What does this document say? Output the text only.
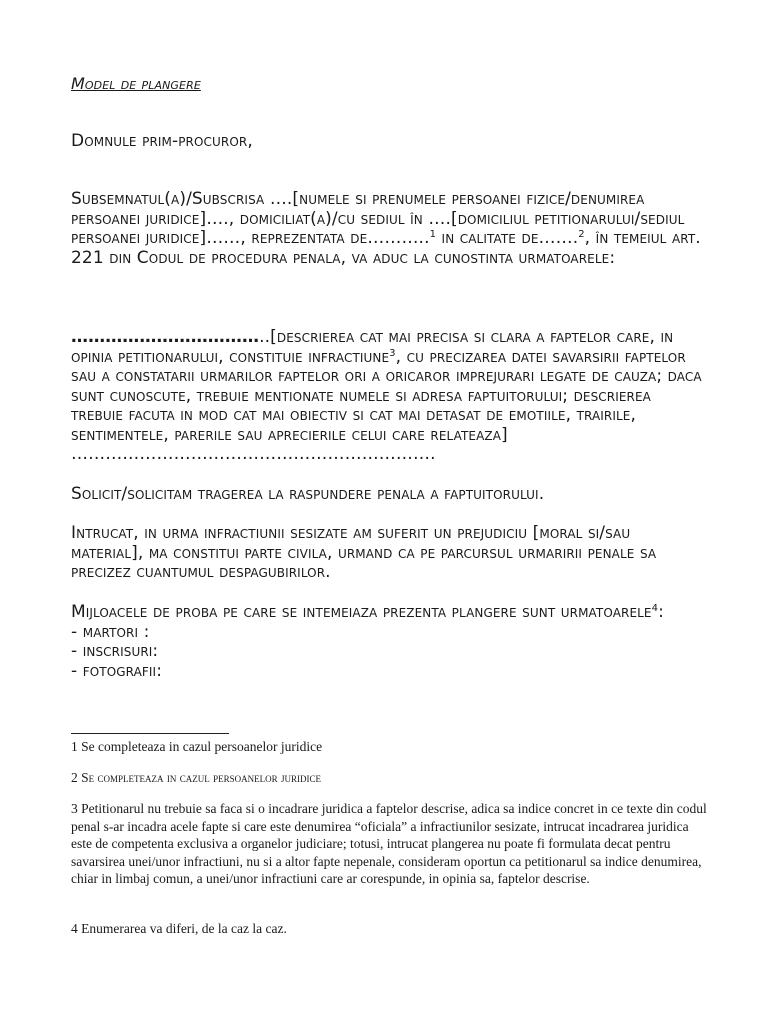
Model de plangere

Domnule prim-procuror,

Subsemnatul(a)/Subscrisa ….[numele si prenumele persoanei fizice/denumirea persoanei juridice]…., domiciliat(a)/cu sediul în ….[domiciliul petitionarului/sediul persoanei juridice]……, reprezentata de………..$^1$ in calitate de…….$^2$, în temeiul art. 221 din Codul de procedura penala, va aduc la cunostinta urmatoarele:

……………………………..[descrierea cat mai precisa si clara a faptelor care, in opinia petitionarului, constituie infractiune$^3$, cu precizarea datei savarsirii faptelor sau a constatarii urmarilor faptelor ori a oricaror imprejurari legate de cauza; daca sunt cunoscute, trebuie mentionate numele si adresa faptuitorului; descrierea trebuie facuta in mod cat mai obiectiv si cat mai detasat de emotiile, trairile, sentimentele, parerile sau aprecierile celui care relateaza] ……………………………………………………….

Solicit/solicitam tragerea la raspundere penala a faptuitorului.

Intrucat, in urma infractiunii sesizate am suferit un prejudiciu [moral si/sau material], ma constitui parte civila, urmand ca pe parcursul urmaririi penale sa precizez cuantumul despagubirilor.

Mijloacele de proba pe care se intemeiaza prezenta plangere sunt urmatoarele$^4$:
- martori :
- inscrisuri:
- fotografii:

1 Se completeaza in cazul persoanelor juridice

2 Se completeaza in cazul persoanelor juridice

3 Petitionarul nu trebuie sa faca si o incadrare juridica a faptelor descrise, adica sa indice concret in ce texte din codul penal s-ar incadra acele fapte si care este denumirea “oficiala” a infractiunilor sesizate, intrucat incadrarea juridica este de competenta exclusiva a organelor judiciare; totusi, intrucat plangerea nu poate fi formulata decat pentru savarsirea unei/unor infractiuni, nu si a altor fapte nepenale, consideram oportun ca petitionarul sa indice denumirea, chiar in limbaj comun, a unei/unor infractiuni care ar corespunde, in opinia sa, faptelor descrise.

4 Enumerarea va diferi, de la caz la caz.
